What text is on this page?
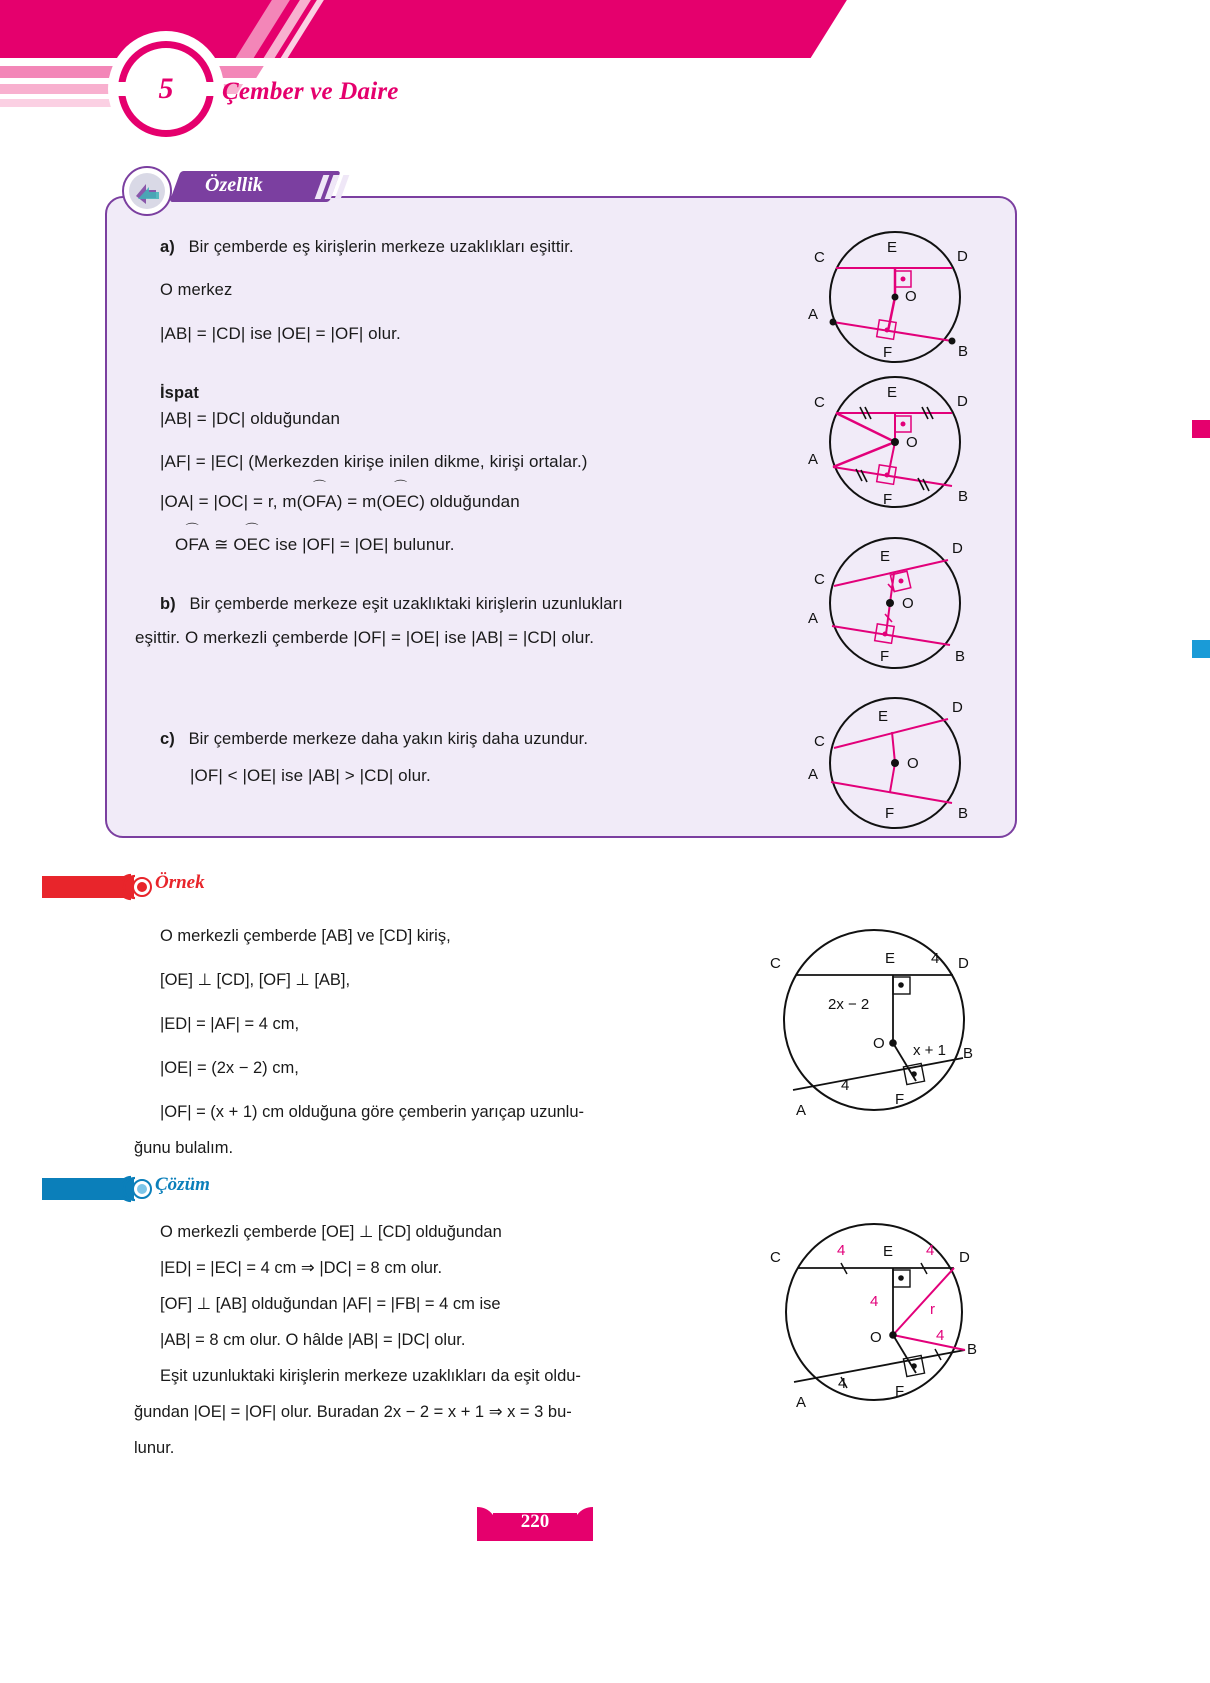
5	Çember ve Daire
Özellik
a) Bir çemberde eş kirişlerin merkeze uzaklıkları eşittir.
O merkez
|AB| = |CD| ise |OE| = |OF| olur.
İspat
|AB| = |DC| olduğundan
|AF| = |EC| (Merkezden kirişe inilen dikme, kirişi ortalar.)
|OA| = |OC| = r, m(
⌒
OFA) = m(
⌒
OEC) olduğundan
⌒
OFA ≅
⌒
OEC ise |OF| = |OE| bulunur.
b) Bir çemberde merkeze eşit uzaklıktaki kirişlerin uzunlukları
eşittir. O merkezli çemberde |OF| = |OE| ise |AB| = |CD| olur.
c) Bir çemberde merkeze daha yakın kiriş daha uzundur.
|OF| < |OE| ise |AB| > |CD| olur.
C
E
D
O
A
F	B
C
E
D
O
A
F	B
C
E	D
O
A
F	B
C
E
D
O
A
F	B
Örnek
O merkezli çemberde [AB] ve [CD] kiriş,
[OE] ⊥ [CD], [OF] ⊥ [AB],
|ED| = |AF| = 4 cm,
|OE| = (2x − 2) cm,
|OF| = (x + 1) cm olduğuna göre çemberin yarıçap uzunlu-
ğunu bulalım.
C	E 4 D
2x − 2
O x + 1 B
4
F
A
Çözüm
O merkezli çemberde [OE] ⊥ [CD] olduğundan
|ED| = |EC| = 4 cm ⇒ |DC| = 8 cm olur.
[OF] ⊥ [AB] olduğundan |AF| = |FB| = 4 cm ise
|AB| = 8 cm olur. O hâlde |AB| = |DC| olur.
Eşit uzunluktaki kirişlerin merkeze uzaklıkları da eşit oldu-
ğundan |OE| = |OF| olur. Buradan 2x − 2 = x + 1 ⇒ x = 3 bu-
lunur.
C	4	E 4 D
4
O
r
4
B
4	F
A
220
